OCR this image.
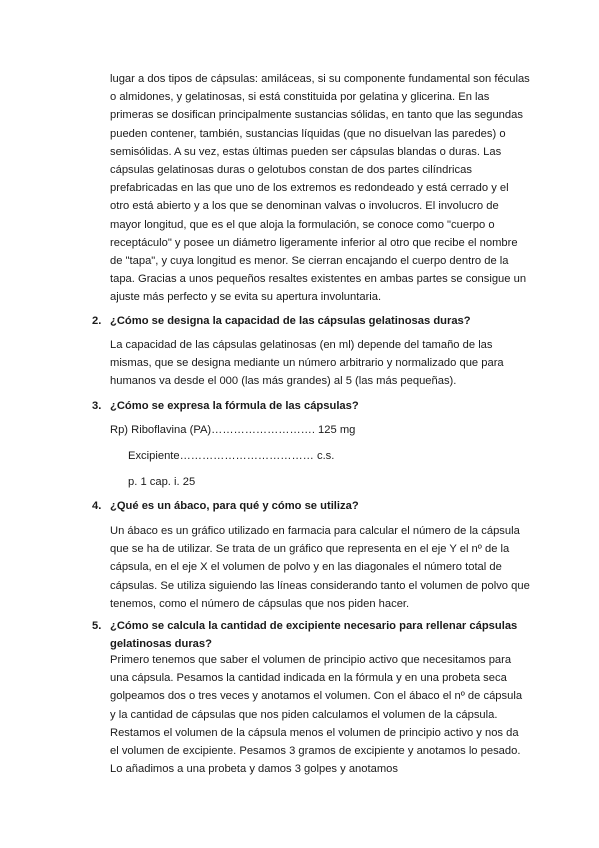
lugar a dos tipos de cápsulas: amiláceas, si su componente fundamental son féculas o almidones, y gelatinosas, si está constituida por gelatina y glicerina. En las primeras se dosifican principalmente sustancias sólidas, en tanto que las segundas pueden contener, también, sustancias líquidas (que no disuelvan las paredes) o semisólidas. A su vez, estas últimas pueden ser cápsulas blandas o duras. Las cápsulas gelatinosas duras o gelotubos constan de dos partes cilíndricas prefabricadas en las que uno de los extremos es redondeado y está cerrado y el otro está abierto y a los que se denominan valvas o involucros. El involucro de mayor longitud, que es el que aloja la formulación, se conoce como "cuerpo o receptáculo" y posee un diámetro ligeramente inferior al otro que recibe el nombre de "tapa", y cuya longitud es menor. Se cierran encajando el cuerpo dentro de la tapa. Gracias a unos pequeños resaltes existentes en ambas partes se consigue un ajuste más perfecto y se evita su apertura involuntaria.

2. ¿Cómo se designa la capacidad de las cápsulas gelatinosas duras?

La capacidad de las cápsulas gelatinosas (en ml) depende del tamaño de las mismas, que se designa mediante un número arbitrario y normalizado que para humanos va desde el 000 (las más grandes) al 5 (las más pequeñas).

3. ¿Cómo se expresa la fórmula de las cápsulas?

Rp) Riboflavina (PA)………………………. 125 mg

Excipiente……………………………… c.s.

p. 1 cap. i. 25

4. ¿Qué es un ábaco, para qué y cómo se utiliza?

Un ábaco es un gráfico utilizado en farmacia para calcular el número de la cápsula que se ha de utilizar. Se trata de un gráfico que representa en el eje Y el nº de la cápsula, en el eje X el volumen de polvo y en las diagonales el número total de cápsulas. Se utiliza siguiendo las líneas considerando tanto el volumen de polvo que tenemos, como el número de cápsulas que nos piden hacer.

5. ¿Cómo se calcula la cantidad de excipiente necesario para rellenar cápsulas gelatinosas duras?

Primero tenemos que saber el volumen de principio activo que necesitamos para una cápsula. Pesamos la cantidad indicada en la fórmula y en una probeta seca golpeamos dos o tres veces y anotamos el volumen. Con el ábaco el nº de cápsula y la cantidad de cápsulas que nos piden calculamos el volumen de la cápsula. Restamos el volumen de la cápsula menos el volumen de principio activo y nos da el volumen de excipiente. Pesamos 3 gramos de excipiente y anotamos lo pesado. Lo añadimos a una probeta y damos 3 golpes y anotamos
